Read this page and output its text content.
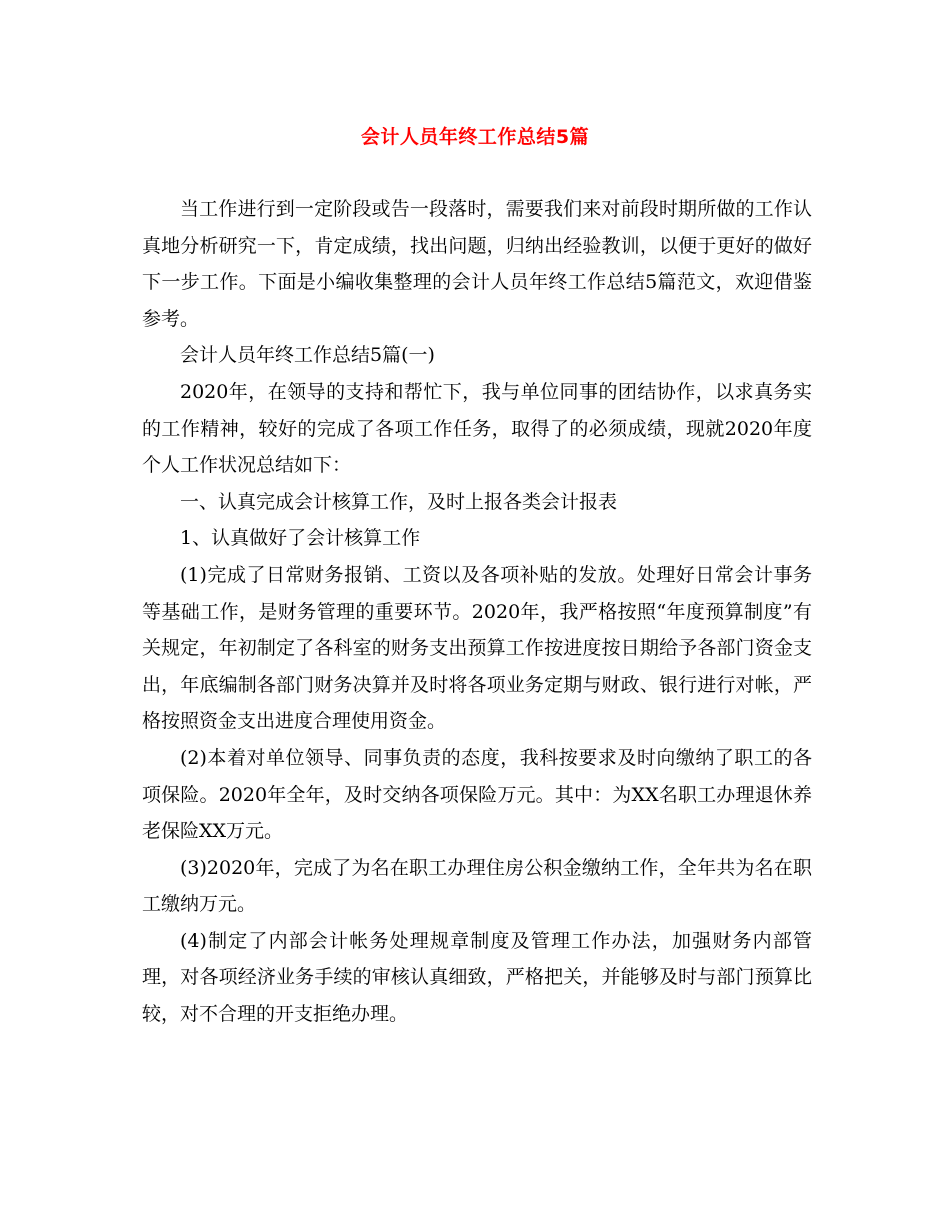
会计人员年终工作总结5篇

当工作进行到一定阶段或告一段落时，需要我们来对前段时期所做的工作认真地分析研究一下，肯定成绩，找出问题，归纳出经验教训，以便于更好的做好下一步工作。下面是小编收集整理的会计人员年终工作总结5篇范文，欢迎借鉴参考。

会计人员年终工作总结5篇(一)

2020年，在领导的支持和帮忙下，我与单位同事的团结协作，以求真务实的工作精神，较好的完成了各项工作任务，取得了的必须成绩，现就2020年度个人工作状况总结如下：

一、认真完成会计核算工作，及时上报各类会计报表

1、认真做好了会计核算工作

(1)完成了日常财务报销、工资以及各项补贴的发放。处理好日常会计事务等基础工作，是财务管理的重要环节。2020年，我严格按照“年度预算制度”有关规定，年初制定了各科室的财务支出预算工作按进度按日期给予各部门资金支出，年底编制各部门财务决算并及时将各项业务定期与财政、银行进行对帐，严格按照资金支出进度合理使用资金。

(2)本着对单位领导、同事负责的态度，我科按要求及时向缴纳了职工的各项保险。2020年全年，及时交纳各项保险万元。其中：为XX名职工办理退休养老保险XX万元。

(3)2020年，完成了为名在职工办理住房公积金缴纳工作，全年共为名在职工缴纳万元。

(4)制定了内部会计帐务处理规章制度及管理工作办法，加强财务内部管理，对各项经济业务手续的审核认真细致，严格把关，并能够及时与部门预算比较，对不合理的开支拒绝办理。
